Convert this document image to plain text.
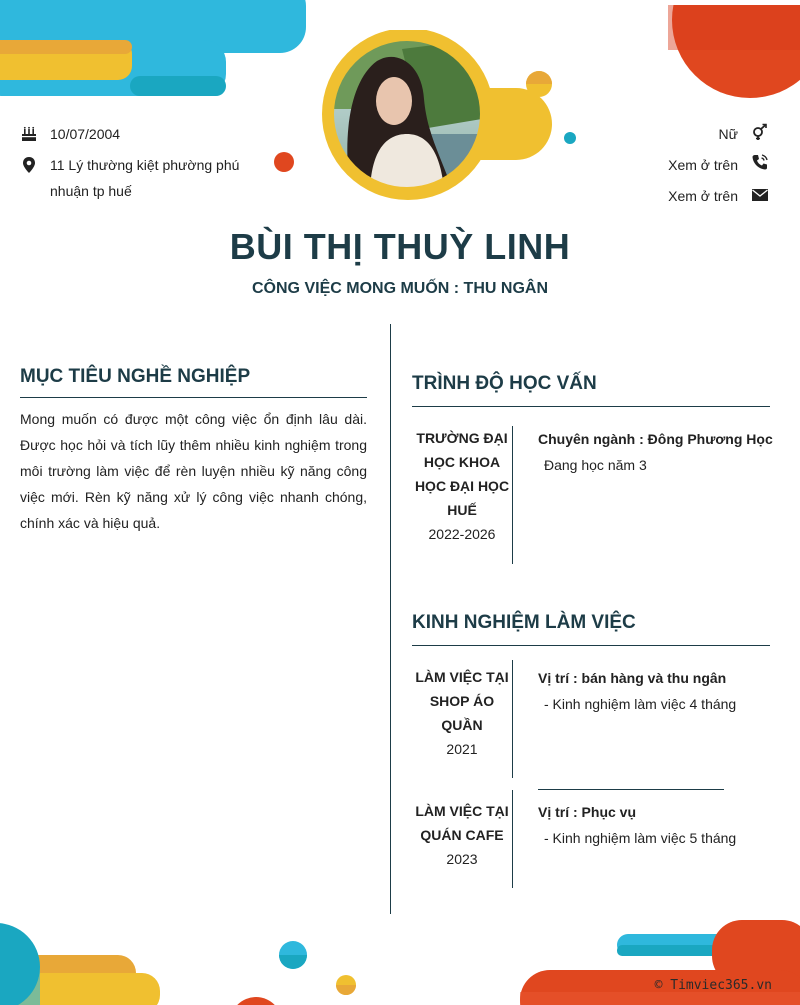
10/07/2004
11 Lý thường kiệt phường phú nhuận tp huế
Nữ
Xem ở trên
Xem ở trên
BÙI THỊ THUỲ LINH
CÔNG VIỆC MONG MUỐN : THU NGÂN
MỤC TIÊU NGHỀ NGHIỆP
Mong muốn có được một công việc ổn định lâu dài. Được học hỏi và tích lũy thêm nhiều kinh nghiệm trong môi trường làm việc để rèn luyện nhiều kỹ năng công việc mới. Rèn kỹ năng xử lý công việc nhanh chóng, chính xác và hiệu quả.
TRÌNH ĐỘ HỌC VẤN
TRƯỜNG ĐẠI HỌC KHOA HỌC ĐẠI HỌC HUẾ
2022-2026
Chuyên ngành : Đông Phương Học
Đang học năm 3
KINH NGHIỆM LÀM VIỆC
LÀM VIỆC TẠI SHOP ÁO QUẦN
2021
Vị trí : bán hàng và thu ngân
- Kinh nghiệm làm việc 4 tháng
LÀM VIỆC TẠI QUÁN CAFE
2023
Vị trí : Phục vụ
- Kinh nghiệm làm việc 5 tháng
© Timviec365.vn
